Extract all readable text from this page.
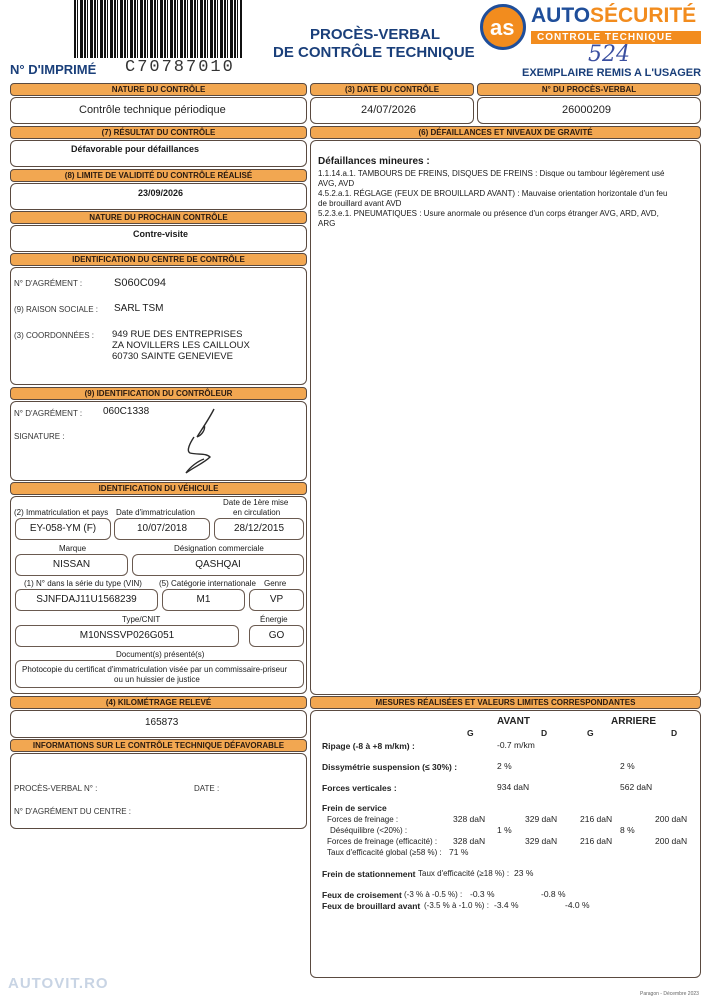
N° D'IMPRIMÉ C70787010
PROCÈS-VERBAL
DE CONTRÔLE TECHNIQUE
as AUTO SÉCURITÉ
CONTROLE TECHNIQUE
524
EXEMPLAIRE REMIS A L'USAGER
NATURE DU CONTRÔLE
Contrôle technique périodique
(3) DATE DU CONTRÔLE
24/07/2026
N° DU PROCÈS-VERBAL
26000209
(7) RÉSULTAT DU CONTRÔLE
Défavorable pour défaillances
(8) LIMITE DE VALIDITÉ DU CONTRÔLE RÉALISÉ
23/09/2026
NATURE DU PROCHAIN CONTRÔLE
Contre-visite
(6) DÉFAILLANCES ET NIVEAUX DE GRAVITÉ
Défaillances mineures :
1.1.14.a.1. TAMBOURS DE FREINS, DISQUES DE FREINS : Disque ou tambour légèrement usé
AVG, AVD
4.5.2.a.1. RÉGLAGE (FEUX DE BROUILLARD AVANT) : Mauvaise orientation horizontale d'un feu
de brouillard avant AVD
5.2.3.e.1. PNEUMATIQUES : Usure anormale ou présence d'un corps étranger AVG, ARD, AVD,
ARG
IDENTIFICATION DU CENTRE DE CONTRÔLE
N° D'AGRÉMENT :	S060C094
(9) RAISON SOCIALE : SARL TSM
(3) COORDONNÉES : 949 RUE DES ENTREPRISES
ZA NOVILLERS LES CAILLOUX
60730 SAINTE GENEVIEVE
(9) IDENTIFICATION DU CONTRÔLEUR
N° D'AGRÉMENT : 060C1338
SIGNATURE :
IDENTIFICATION DU VÉHICULE
(2) Immatriculation et pays Date d'immatriculation
Date de 1ère mise
en circulation
EY-058-YM (F)	10/07/2018	28/12/2015
Marque	Désignation commerciale
NISSAN	QASHQAI
(1) N° dans la série du type (VIN) (5) Catégorie internationale Genre
SJNFDAJ11U1568239	M1	VP
Type/CNIT	Énergie
M10NSSVP026G051	GO
Document(s) présenté(s)
Photocopie du certificat d'immatriculation visée par un commissaire-priseur
ou un huissier de justice
(4) KILOMÉTRAGE RELEVÉ
165873
INFORMATIONS SUR LE CONTRÔLE TECHNIQUE DÉFAVORABLE
PROCÈS-VERBAL N° :	DATE :
N° D'AGRÉMENT DU CENTRE :
MESURES RÉALISÉES ET VALEURS LIMITES CORRESPONDANTES
AVANT	ARRIERE
G	D	G	D
Ripage (-8 à +8 m/km) :	-0.7 m/km
Dissymétrie suspension (≤ 30%) :	2 %	2 %
Forces verticales :	934 daN	562 daN
Frein de service
Forces de freinage :	328 daN	329 daN	216 daN	200 daN
Déséquilibre (<20%) :	1 %	8 %
Forces de freinage (efficacité) : 328 daN	329 daN	216 daN	200 daN
Taux d'efficacité global (≥58 %) : 71 %
Frein de stationnement Taux d'efficacité (≥18 %) : 23 %
Feux de croisement (-3 % à -0.5 %) : -0.3 %	-0.8 %
Feux de brouillard avant (-3.5 % à -1.0 %) : -3.4 %	-4.0 %
AUTOVIT.RO
Paragon - Décembre 2023
